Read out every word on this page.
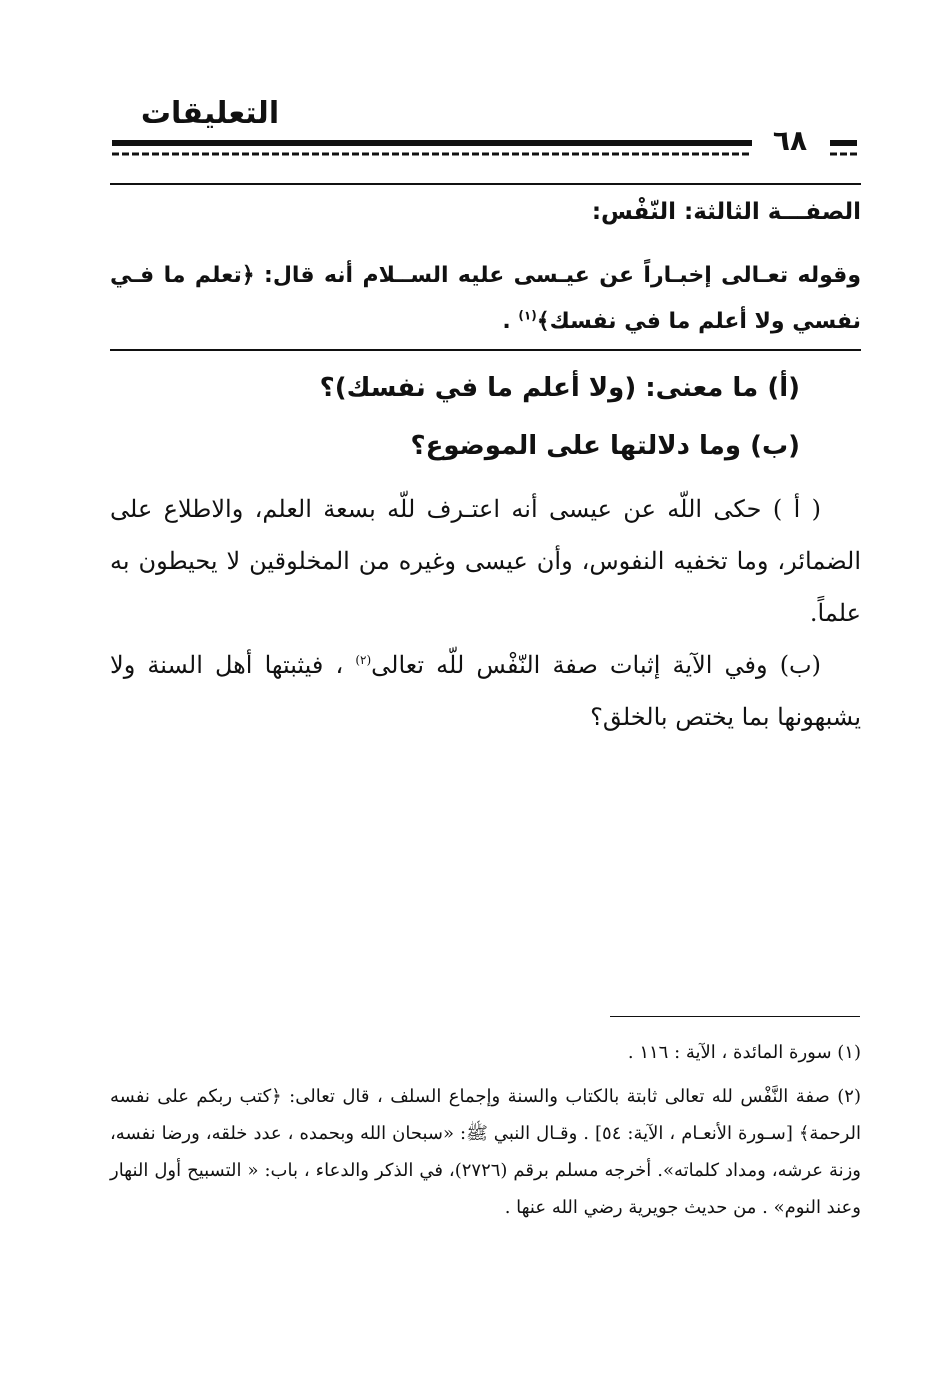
التعليقات
٦٨
الصفـــة الثالثة: النّفْس:
وقوله تعـالى إخبـاراً عن عيـسى عليه الســلام أنه قال: ﴿تعلم ما فـي نفسي ولا أعلم ما في نفسك﴾$^{(١)}$ .
(أ) ما معنى: (ولا أعلم ما في نفسك)؟
(ب) وما دلالتها على الموضوع؟
( أ ) حكى اللّه عن عيسى أنه اعتـرف للّه بسعة العلم، والاطلاع على الضمائر، وما تخفيه النفوس، وأن عيسى وغيره من المخلوقين لا يحيطون به علماً.
(ب) وفي الآية إثبات صفة النّفْس للّه تعالى$^{(٢)}$ ، فيثبتها أهل السنة ولا يشبهونها بما يختص بالخلق؟
(١) سورة المائدة ، الآية : ١١٦ .
(٢) صفة النَّفْس لله تعالى ثابتة بالكتاب والسنة وإجماع السلف ، قال تعالى: ﴿كتب ربكم على نفسه الرحمة﴾ [سـورة الأنعـام ، الآية: ٥٤] . وقـال النبي ﷺ: «سبحان الله وبحمده ، عدد خلقه، ورضا نفسه، وزنة عرشه، ومداد كلماته». أخرجه مسلم برقم (٢٧٢٦)، في الذكر والدعاء ، باب: « التسبيح أول النهار وعند النوم» . من حديث جويرية رضي الله عنها .
